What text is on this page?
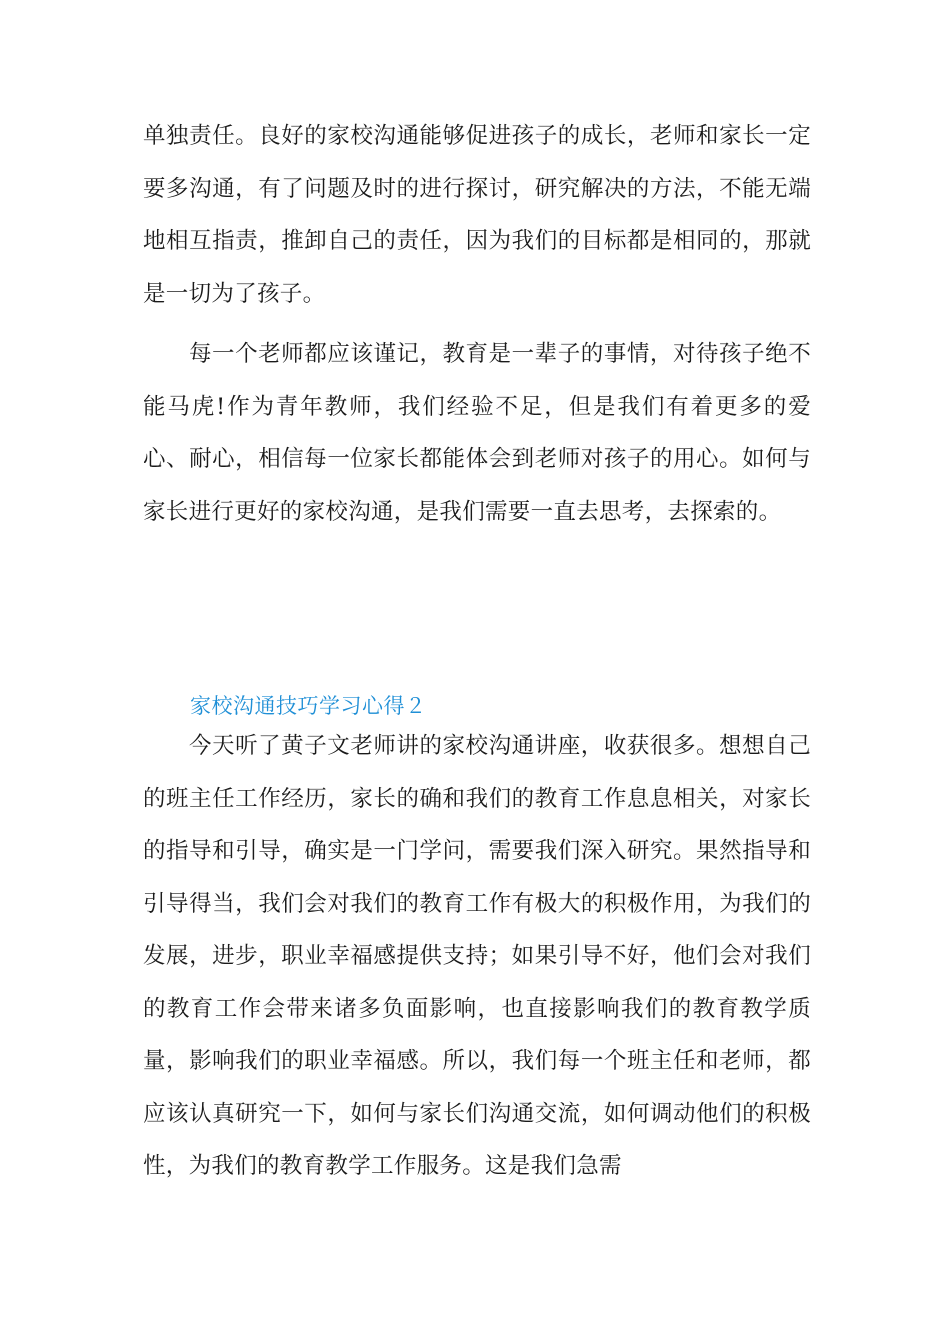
单独责任。良好的家校沟通能够促进孩子的成长，老师和家长一定要多沟通，有了问题及时的进行探讨，研究解决的方法，不能无端地相互指责，推卸自己的责任，因为我们的目标都是相同的，那就是一切为了孩子。

每一个老师都应该谨记，教育是一辈子的事情，对待孩子绝不能马虎!作为青年教师，我们经验不足，但是我们有着更多的爱心、耐心，相信每一位家长都能体会到老师对孩子的用心。如何与家长进行更好的家校沟通，是我们需要一直去思考，去探索的。

家校沟通技巧学习心得２

今天听了黄子文老师讲的家校沟通讲座，收获很多。想想自己的班主任工作经历，家长的确和我们的教育工作息息相关，对家长的指导和引导，确实是一门学问，需要我们深入研究。果然指导和引导得当，我们会对我们的教育工作有极大的积极作用，为我们的发展，进步，职业幸福感提供支持；如果引导不好，他们会对我们的教育工作会带来诸多负面影响，也直接影响我们的教育教学质量，影响我们的职业幸福感。所以，我们每一个班主任和老师，都应该认真研究一下，如何与家长们沟通交流，如何调动他们的积极性，为我们的教育教学工作服务。这是我们急需
